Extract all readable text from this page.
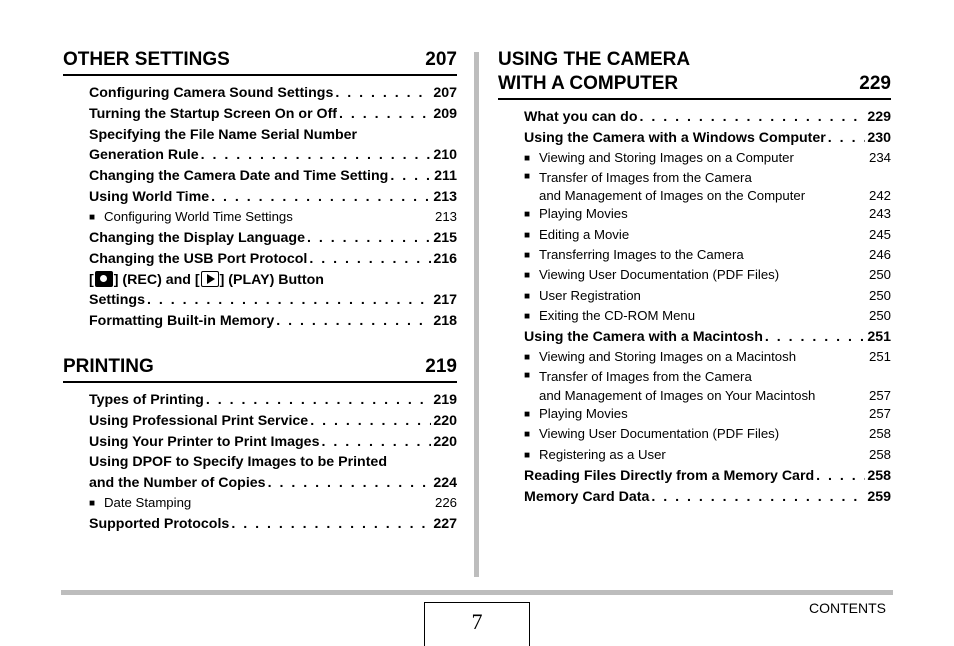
OTHER SETTINGS	207
Configuring Camera Sound Settings . . .	207
Turning the Startup Screen On or Off . . .	209
Specifying the File Name Serial Number
Generation Rule . . .	210
Changing the Camera Date and Time Setting . . .	211
Using World Time . . .	213
■ Configuring World Time Settings	213
Changing the Display Language . . .	215
Changing the USB Port Protocol . . .	216
[ ] (REC) and [ ] (PLAY) Button
Settings . . .	217
Formatting Built-in Memory . . .	218
PRINTING	219
Types of Printing . . .	219
Using Professional Print Service . . .	220
Using Your Printer to Print Images . . .	220
Using DPOF to Specify Images to be Printed
and the Number of Copies . . .	224
■ Date Stamping	226
Supported Protocols . . .	227
USING THE CAMERA
WITH A COMPUTER	229
What you can do . . .	229
Using the Camera with a Windows Computer . . .	230
■ Viewing and Storing Images on a Computer	234
■ Transfer of Images from the Camera
and Management of Images on the Computer	242
■ Playing Movies	243
■ Editing a Movie	245
■ Transferring Images to the Camera	246
■ Viewing User Documentation (PDF Files)	250
■ User Registration	250
■ Exiting the CD-ROM Menu	250
Using the Camera with a Macintosh . . .	251
■ Viewing and Storing Images on a Macintosh	251
■ Transfer of Images from the Camera
and Management of Images on Your Macintosh	257
■ Playing Movies	257
■ Viewing User Documentation (PDF Files)	258
■ Registering as a User	258
Reading Files Directly from a Memory Card . . .	258
Memory Card Data . . .	259
7
CONTENTS
